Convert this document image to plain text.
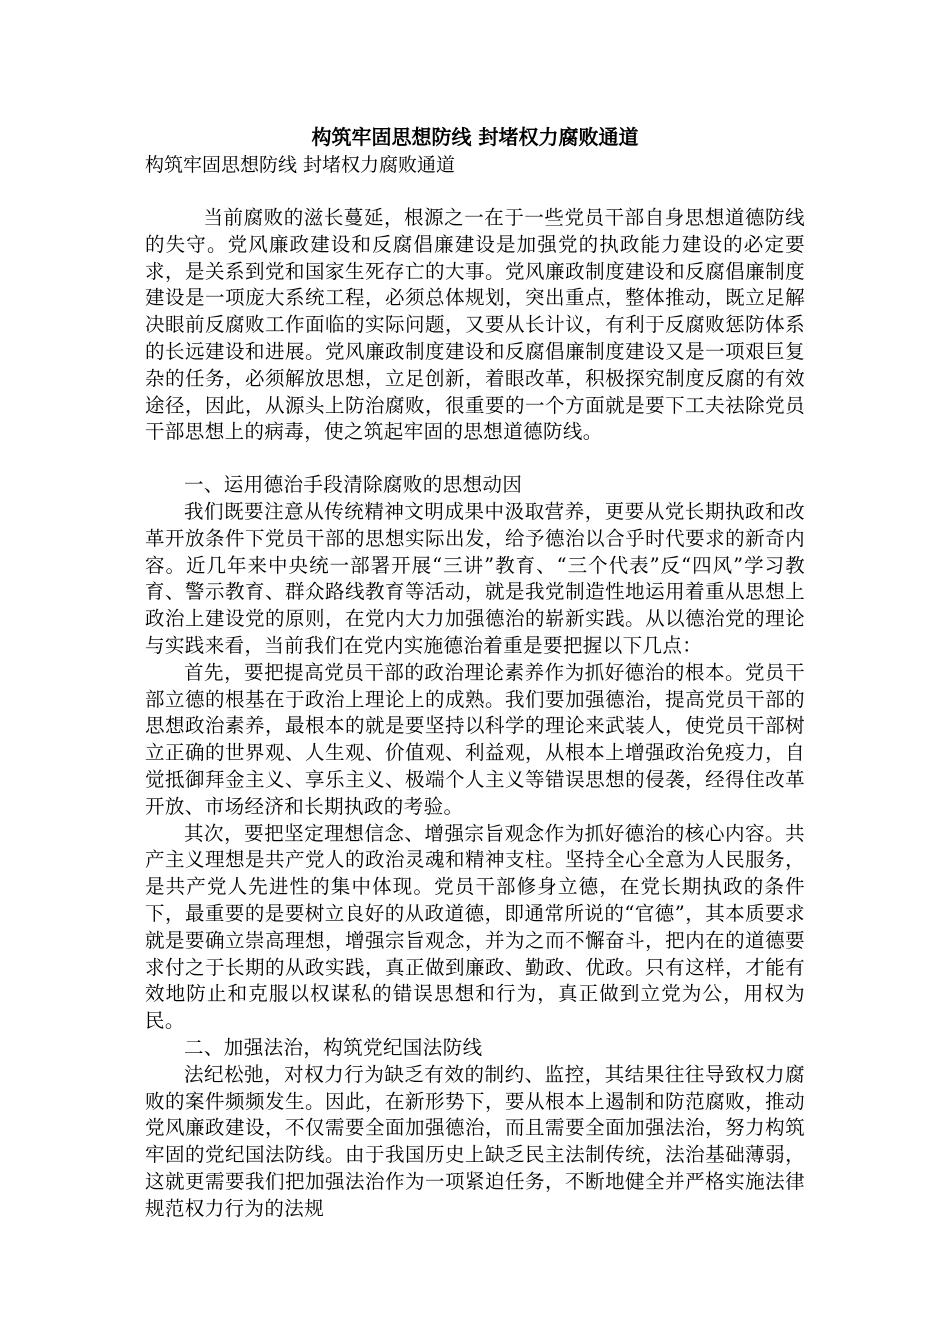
构筑牢固思想防线 封堵权力腐败通道

构筑牢固思想防线 封堵权力腐败通道

当前腐败的滋长蔓延，根源之一在于一些党员干部自身思想道德防线的失守。党风廉政建设和反腐倡廉建设是加强党的执政能力建设的必定要求，是关系到党和国家生死存亡的大事。党风廉政制度建设和反腐倡廉制度建设是一项庞大系统工程，必须总体规划，突出重点，整体推动，既立足解决眼前反腐败工作面临的实际问题，又要从长计议，有利于反腐败惩防体系的长远建设和进展。党风廉政制度建设和反腐倡廉制度建设又是一项艰巨复杂的任务，必须解放思想，立足创新，着眼改革，积极探究制度反腐的有效途径，因此，从源头上防治腐败，很重要的一个方面就是要下工夫祛除党员干部思想上的病毒，使之筑起牢固的思想道德防线。

一、运用德治手段清除腐败的思想动因

我们既要注意从传统精神文明成果中汲取营养，更要从党长期执政和改革开放条件下党员干部的思想实际出发，给予德治以合乎时代要求的新奇内容。近几年来中央统一部署开展“三讲”教育、“三个代表”反“四风”学习教育、警示教育、群众路线教育等活动，就是我党制造性地运用着重从思想上政治上建设党的原则，在党内大力加强德治的崭新实践。从以德治党的理论与实践来看，当前我们在党内实施德治着重是要把握以下几点：

首先，要把提高党员干部的政治理论素养作为抓好德治的根本。党员干部立德的根基在于政治上理论上的成熟。我们要加强德治，提高党员干部的思想政治素养，最根本的就是要坚持以科学的理论来武装人，使党员干部树立正确的世界观、人生观、价值观、利益观，从根本上增强政治免疫力，自觉抵御拜金主义、享乐主义、极端个人主义等错误思想的侵袭，经得住改革开放、市场经济和长期执政的考验。

其次，要把坚定理想信念、增强宗旨观念作为抓好德治的核心内容。共产主义理想是共产党人的政治灵魂和精神支柱。坚持全心全意为人民服务，是共产党人先进性的集中体现。党员干部修身立德，在党长期执政的条件下，最重要的是要树立良好的从政道德，即通常所说的“官德”，其本质要求就是要确立崇高理想，增强宗旨观念，并为之而不懈奋斗，把内在的道德要求付之于长期的从政实践，真正做到廉政、勤政、优政。只有这样，才能有效地防止和克服以权谋私的错误思想和行为，真正做到立党为公，用权为民。

二、加强法治，构筑党纪国法防线

法纪松弛，对权力行为缺乏有效的制约、监控，其结果往往导致权力腐败的案件频频发生。因此，在新形势下，要从根本上遏制和防范腐败，推动党风廉政建设，不仅需要全面加强德治，而且需要全面加强法治，努力构筑牢固的党纪国法防线。由于我国历史上缺乏民主法制传统，法治基础薄弱，这就更需要我们把加强法治作为一项紧迫任务，不断地健全并严格实施法律规范权力行为的法规
